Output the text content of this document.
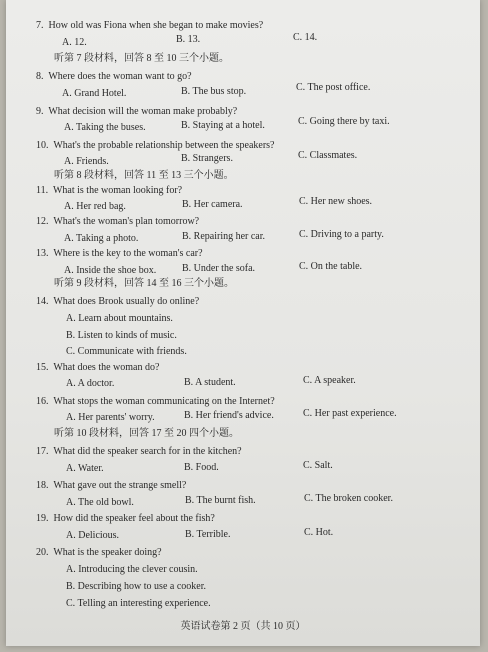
7. How old was Fiona when she began to make movies?
A. 12.	B. 13.	C. 14.
听第 7 段材料，回答 8 至 10 三个小题。
8. Where does the woman want to go?
A. Grand Hotel.	B. The bus stop.	C. The post office.
9. What decision will the woman make probably?
A. Taking the buses.	B. Staying at a hotel.	C. Going there by taxi.
10. What's the probable relationship between the speakers?
A. Friends.	B. Strangers.	C. Classmates.
听第 8 段材料，回答 11 至 13 三个小题。
11. What is the woman looking for?
A. Her red bag.	B. Her camera.	C. Her new shoes.
12. What's the woman's plan tomorrow?
A. Taking a photo.	B. Repairing her car.	C. Driving to a party.
13. Where is the key to the woman's car?
A. Inside the shoe box.	B. Under the sofa.	C. On the table.
听第 9 段材料，回答 14 至 16 三个小题。
14. What does Brook usually do online?
A. Learn about mountains.
B. Listen to kinds of music.
C. Communicate with friends.
15. What does the woman do?
A. A doctor.	B. A student.	C. A speaker.
16. What stops the woman communicating on the Internet?
A. Her parents' worry.	B. Her friend's advice.	C. Her past experience.
听第 10 段材料，回答 17 至 20 四个小题。
17. What did the speaker search for in the kitchen?
A. Water.	B. Food.	C. Salt.
18. What gave out the strange smell?
A. The old bowl.	B. The burnt fish.	C. The broken cooker.
19. How did the speaker feel about the fish?
A. Delicious.	B. Terrible.	C. Hot.
20. What is the speaker doing?
A. Introducing the clever cousin.
B. Describing how to use a cooker.
C. Telling an interesting experience.
英语试卷第 2 页（共 10 页）
